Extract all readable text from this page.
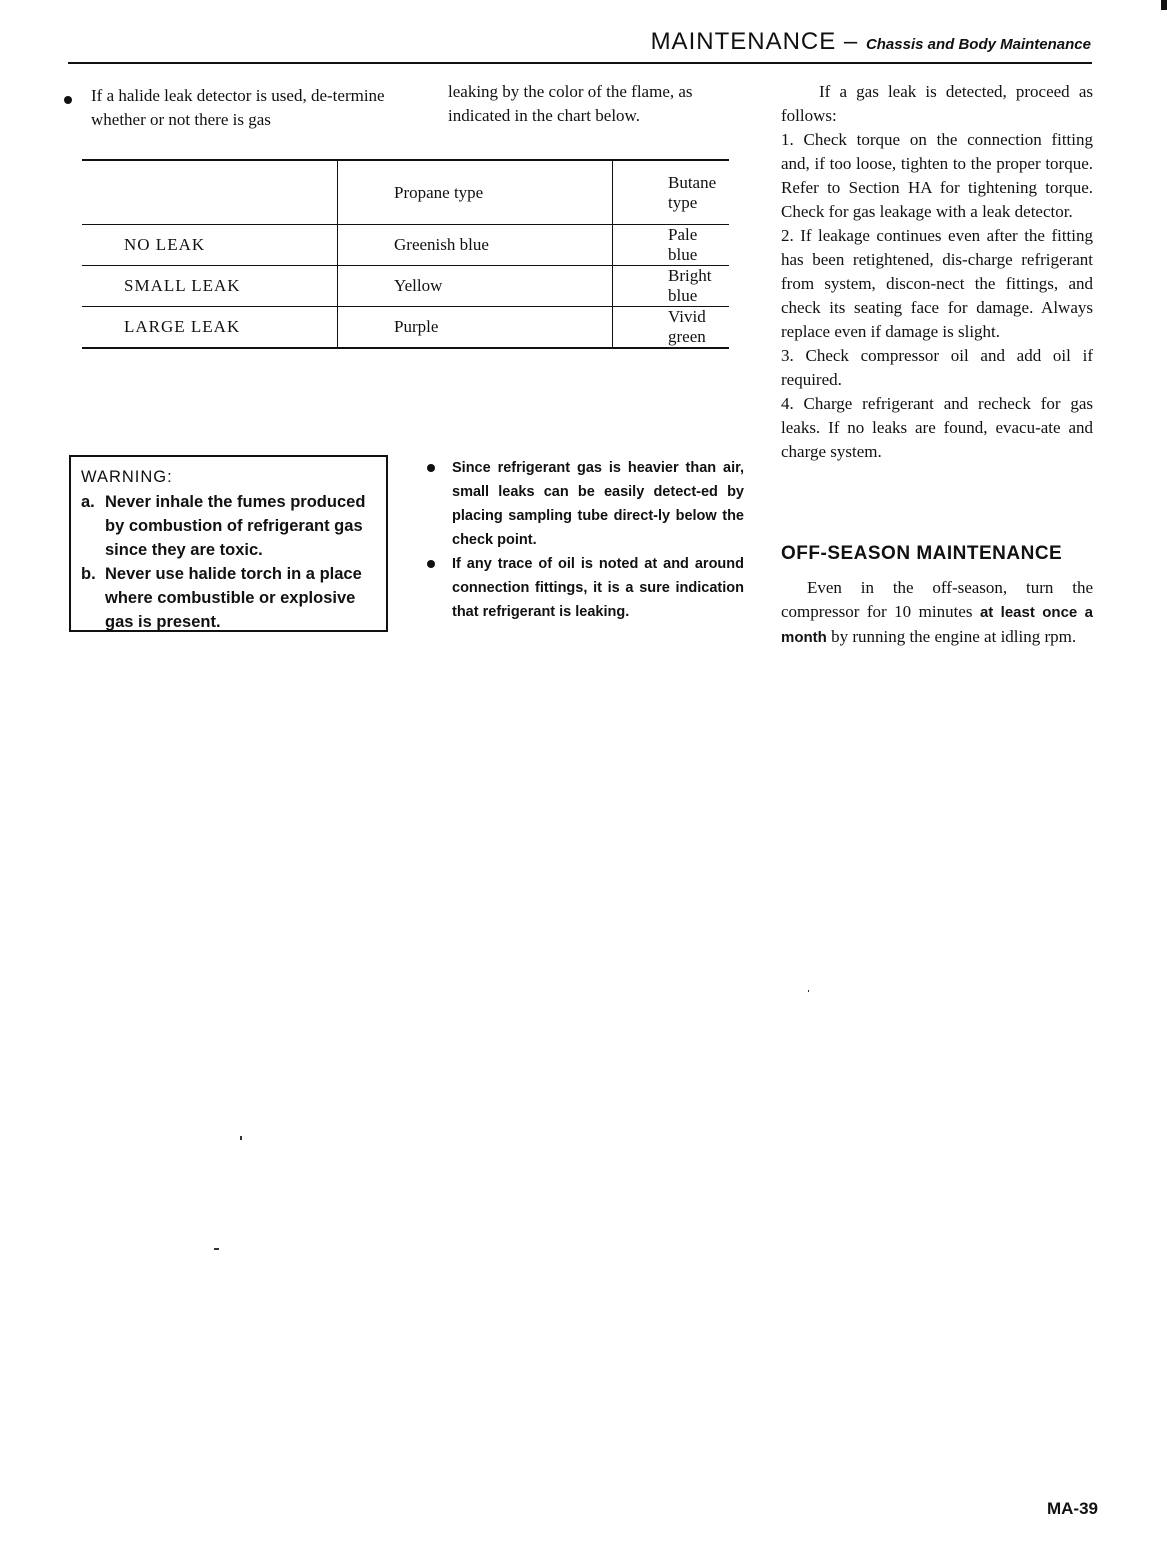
MAINTENANCE – Chassis and Body Maintenance
If a halide leak detector is used, de-termine whether or not there is gas
leaking by the color of the flame, as indicated in the chart below.
	Propane type	Butane type
NO LEAK	Greenish blue	Pale blue
SMALL LEAK	Yellow	Bright blue
LARGE LEAK	Purple	Vivid green
WARNING:
a. Never inhale the fumes produced by combustion of refrigerant gas since they are toxic.
b. Never use halide torch in a place where combustible or explosive gas is present.

Since refrigerant gas is heavier than air, small leaks can be easily detect-ed by placing sampling tube direct-ly below the check point.

If any trace of oil is noted at and around connection fittings, it is a sure indication that refrigerant is leaking.

If a gas leak is detected, proceed as follows:

1. Check torque on the connection fitting and, if too loose, tighten to the proper torque. Refer to Section HA for tightening torque. Check for gas leakage with a leak detector.

2. If leakage continues even after the fitting has been retightened, dis-charge refrigerant from system, discon-nect the fittings, and check its seating face for damage. Always replace even if damage is slight.

3. Check compressor oil and add oil if required.

4. Charge refrigerant and recheck for gas leaks. If no leaks are found, evacu-ate and charge system.

OFF-SEASON MAINTENANCE
Even in the off-season, turn the compressor for 10 minutes at least once a month by running the engine at idling rpm.
MA-39
